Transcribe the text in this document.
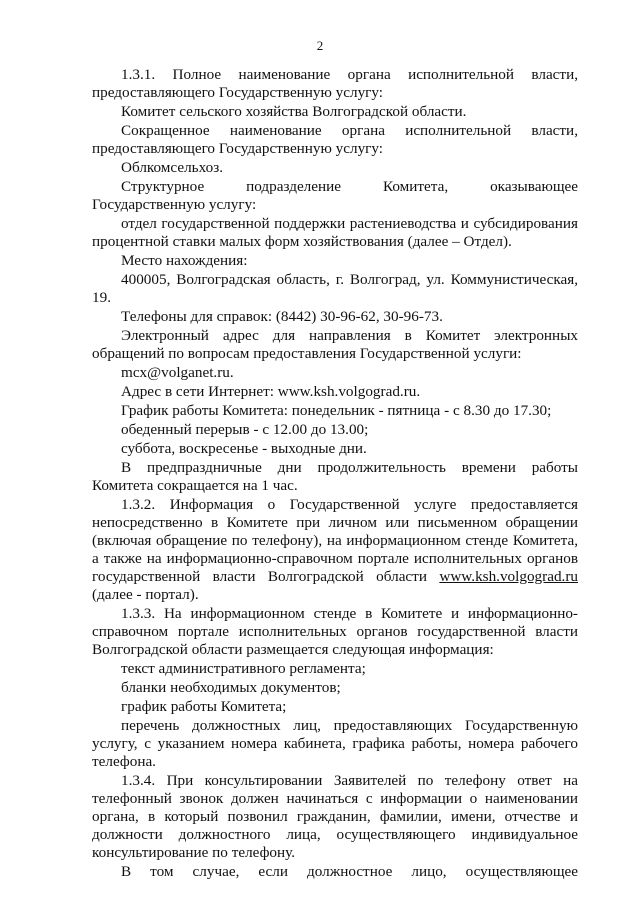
2

1.3.1. Полное наименование органа исполнительной власти, предоставляющего Государственную услугу:

Комитет сельского хозяйства Волгоградской области.

Сокращенное наименование органа исполнительной власти, предоставляющего Государственную услугу:

Облкомсельхоз.

Структурное подразделение Комитета, оказывающее Государственную услугу:

отдел государственной поддержки растениеводства и субсидирования процентной ставки малых форм хозяйствования (далее – Отдел).

Место нахождения:

400005, Волгоградская область, г. Волгоград, ул. Коммунистическая, 19.

Телефоны для справок: (8442) 30-96-62, 30-96-73.

Электронный адрес для направления в Комитет электронных обращений по вопросам предоставления Государственной услуги:

mcx@volganet.ru.

Адрес в сети Интернет: www.ksh.volgograd.ru.

График работы Комитета: понедельник - пятница - с 8.30 до 17.30;

обеденный перерыв - с 12.00 до 13.00;

суббота, воскресенье - выходные дни.

В предпраздничные дни продолжительность времени работы Комитета сокращается на 1 час.

1.3.2. Информация о Государственной услуге предоставляется непосредственно в Комитете при личном или письменном обращении (включая обращение по телефону), на информационном стенде Комитета, а также на информационно-справочном портале исполнительных органов государственной власти Волгоградской области www.ksh.volgograd.ru (далее - портал).

1.3.3. На информационном стенде в Комитете и информационно-справочном портале исполнительных органов государственной власти Волгоградской области размещается следующая информация:

текст административного регламента;

бланки необходимых документов;

график работы Комитета;

перечень должностных лиц, предоставляющих Государственную услугу, с указанием номера кабинета, графика работы, номера рабочего телефона.

1.3.4. При консультировании Заявителей по телефону ответ на телефонный звонок должен начинаться с информации о наименовании органа, в который позвонил гражданин, фамилии, имени, отчестве и должности должностного лица, осуществляющего индивидуальное консультирование по телефону.

В том случае, если должностное лицо, осуществляющее
